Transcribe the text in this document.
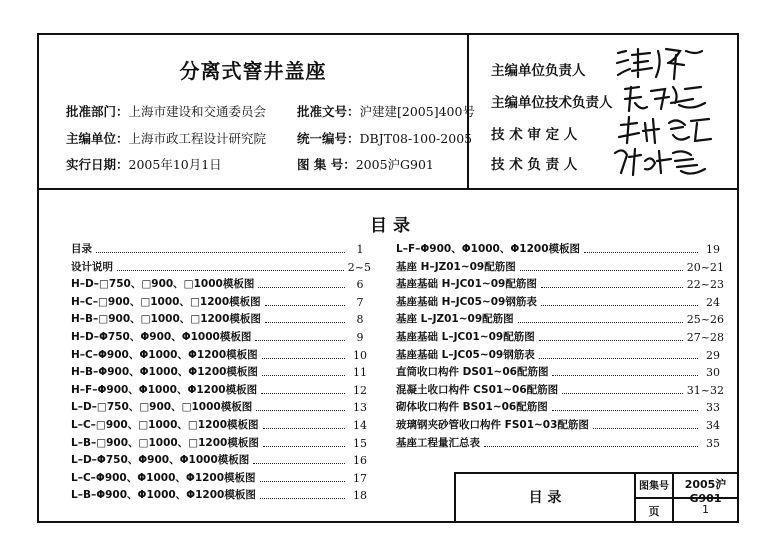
分离式窨井盖座
批准部门：上海市建设和交通委员会 批准文号：沪建建[2005]400号
主编单位：上海市政工程设计研究院 统一编号：DBJT08-100-2005
实行日期：2005年10月1日	图 集 号：2005沪G901
主编单位负责人
主编单位技术负责人
技 术 审 定 人
技 术 负 责 人
目 录
目录	1
设计说明	2~5
H–D–□750、□900、□1000模板图	6
H–C–□900、□1000、□1200模板图	7
H–B–□900、□1000、□1200模板图	8
H–D–Φ750、Φ900、Φ1000模板图	9
H–C–Φ900、Φ1000、Φ1200模板图	10
H–B–Φ900、Φ1000、Φ1200模板图	11
H–F–Φ900、Φ1000、Φ1200模板图	12
L–D–□750、□900、□1000模板图	13
L–C–□900、□1000、□1200模板图	14
L–B–□900、□1000、□1200模板图	15
L–D–Φ750、Φ900、Φ1000模板图	16
L–C–Φ900、Φ1000、Φ1200模板图	17
L–B–Φ900、Φ1000、Φ1200模板图	18
L–F–Φ900、Φ1000、Φ1200模板图	19
基座 H–JZ01~09配筋图	20~21
基座基础 H–JC01~09配筋图	22~23
基座基础 H–JC05~09钢筋表	24
基座 L–JZ01~09配筋图	25~26
基座基础 L–JC01~09配筋图	27~28
基座基础 L–JC05~09钢筋表	29
直筒收口构件 DS01~06配筋图	30
混凝土收口构件 CS01~06配筋图	31~32
砌体收口构件 BS01~06配筋图	33
玻璃钢夹砂管收口构件 FS01~03配筋图	34
基座工程量汇总表	35
目 录
图集号	2005沪G901
页	1
